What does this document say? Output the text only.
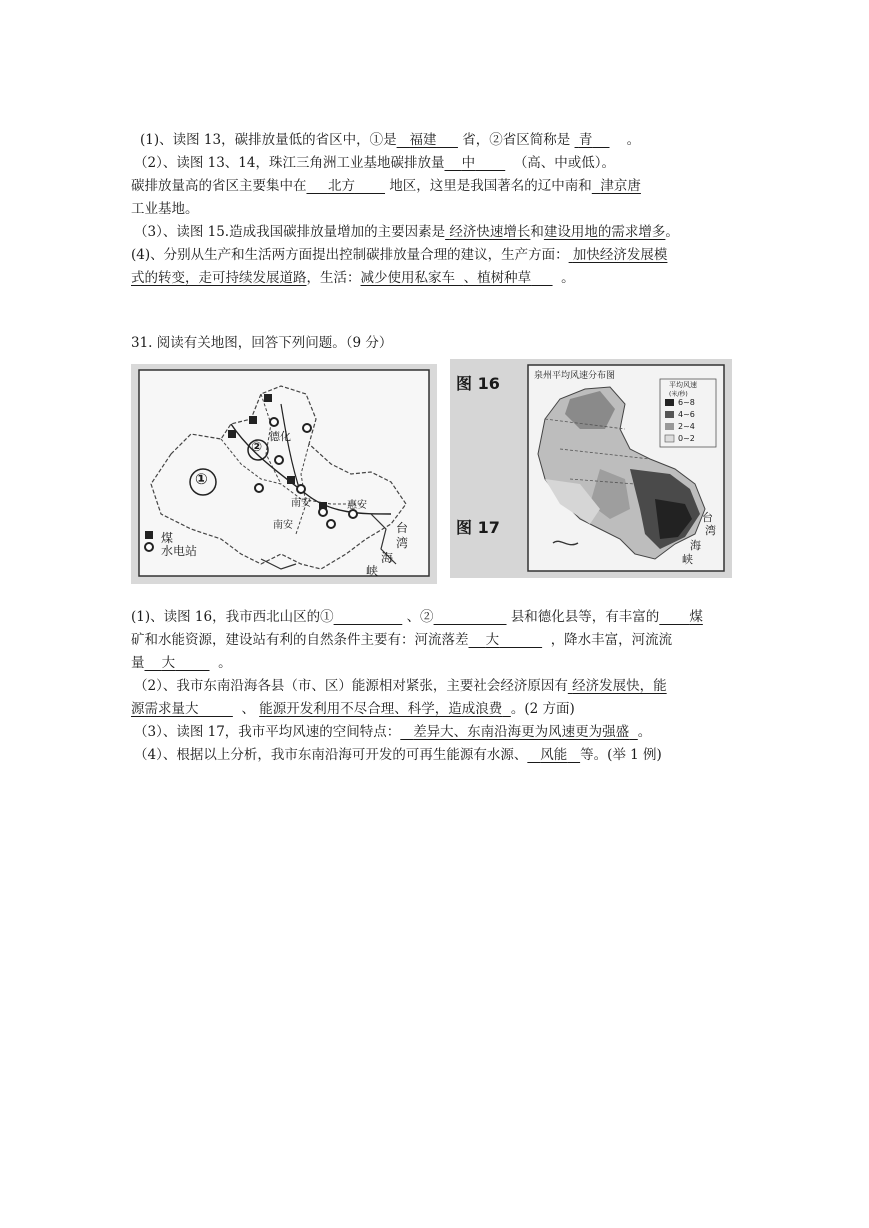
(1)、读图 13，碳排放量低的省区中，①是 福建 省，②省区简称是 青	。
（2）、读图 13、14，珠江三角洲工业基地碳排放量 中	（高、中或低）。
碳排放量高的省区主要集中在 北方	地区，这里是我国著名的辽中南和 津京唐
工业基地。
（3）、读图 15.造成我国碳排放量增加的主要因素是 经济快速增长和建设用地的需求增多。
(4)、分别从生产和生活两方面提出控制碳排放量合理的建议，生产方面： 加快经济发展模
式的转变，走可持续发展道路，生活：减少使用私家车 、植树种草 。
31. 阅读有关地图，回答下列问题。（9 分）
①
②
德化
南安	惠安
南安
煤
水电站
台
湾
海
峡
图 16
图 17
泉州平均风速分布图
平均风速
(米/秒)
6~8
4~6
2~4
0~2
台
湾
海
峡
(1)、读图 16，我市西北山区的①	、②	县和德化县等，有丰富的 煤
矿和水能资源，建设站有利的自然条件主要有：河流落差 大	，降水丰富，河流流
量 大	。
（2）、我市东南沿海各县（市、区）能源相对紧张，主要社会经济原因有 经济发展快，能
源需求量大	、 能源开发利用不尽合理、科学，造成浪费 。(2 方面)
（3）、读图 17，我市平均风速的空间特点： 差异大、东南沿海更为风速更为强盛 。
（4）、根据以上分析，我市东南沿海可开发的可再生能源有水源、 风能 等。(举 1 例)
